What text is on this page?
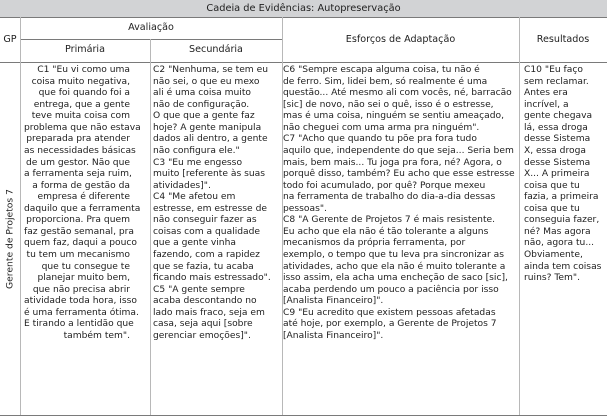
Cadeia de Evidências: Autopreservação
GP
Avaliação
Primária	Secundária
Esforços de Adaptação	Resultados
Gerente de Projetos 7
C1 "Eu vi como uma
coisa muito negativa,
que foi quando foi a
entrega, que a gente
teve muita coisa com
problema que não estava
preparada pra atender
as necessidades básicas
de um gestor. Não que
a ferramenta seja ruim,
a forma de gestão da
empresa é diferente
daquilo que a ferramenta
proporciona. Pra quem
faz gestão semanal, pra
quem faz, daqui a pouco
tu tem um mecanismo
que tu consegue te
planejar muito bem,
que não precisa abrir
atividade toda hora, isso
é uma ferramenta ótima.
E tirando a lentidão que
também tem".
C2 "Nenhuma, se tem eu
não sei, o que eu mexo
ali é uma coisa muito
não de configuração.
O que que a gente faz
hoje? A gente manipula
dados ali dentro, a gente
não configura ele."
C3 "Eu me engesso
muito [referente às suas
atividades]".
C4 "Me afetou em
estresse, em estresse de
não conseguir fazer as
coisas com a qualidade
que a gente vinha
fazendo, com a rapidez
que se fazia, tu acaba
ficando mais estressado".
C5 "A gente sempre
acaba descontando no
lado mais fraco, seja em
casa, seja aqui [sobre
gerenciar emoções]".
C6 "Sempre escapa alguma coisa, tu não é
de ferro. Sim, lidei bem, só realmente é uma
questão... Até mesmo ali com vocês, né, barracão
[sic] de novo, não sei o quê, isso é o estresse,
mas é uma coisa, ninguém se sentiu ameaçado,
não cheguei com uma arma pra ninguém".
C7 "Acho que quando tu põe pra fora tudo
aquilo que, independente do que seja... Seria bem
mais, bem mais... Tu joga pra fora, né? Agora, o
porquê disso, também? Eu acho que esse estresse
todo foi acumulado, por quê? Porque mexeu
na ferramenta de trabalho do dia-a-dia dessas
pessoas".
C8 "A Gerente de Projetos 7 é mais resistente.
Eu acho que ela não é tão tolerante a alguns
mecanismos da própria ferramenta, por
exemplo, o tempo que tu leva pra sincronizar as
atividades, acho que ela não é muito tolerante a
isso assim, ela acha uma encheção de saco [sic],
acaba perdendo um pouco a paciência por isso
[Analista Financeiro]".
C9 "Eu acredito que existem pessoas afetadas
até hoje, por exemplo, a Gerente de Projetos 7
[Analista Financeiro]".
C10 "Eu faço
sem reclamar.
Antes era
incrível, a
gente chegava
lá, essa droga
desse Sistema
X, essa droga
desse Sistema
X... A primeira
coisa que tu
fazia, a primeira
coisa que tu
conseguia fazer,
né? Mas agora
não, agora tu...
Obviamente,
ainda tem coisas
ruins? Tem".
